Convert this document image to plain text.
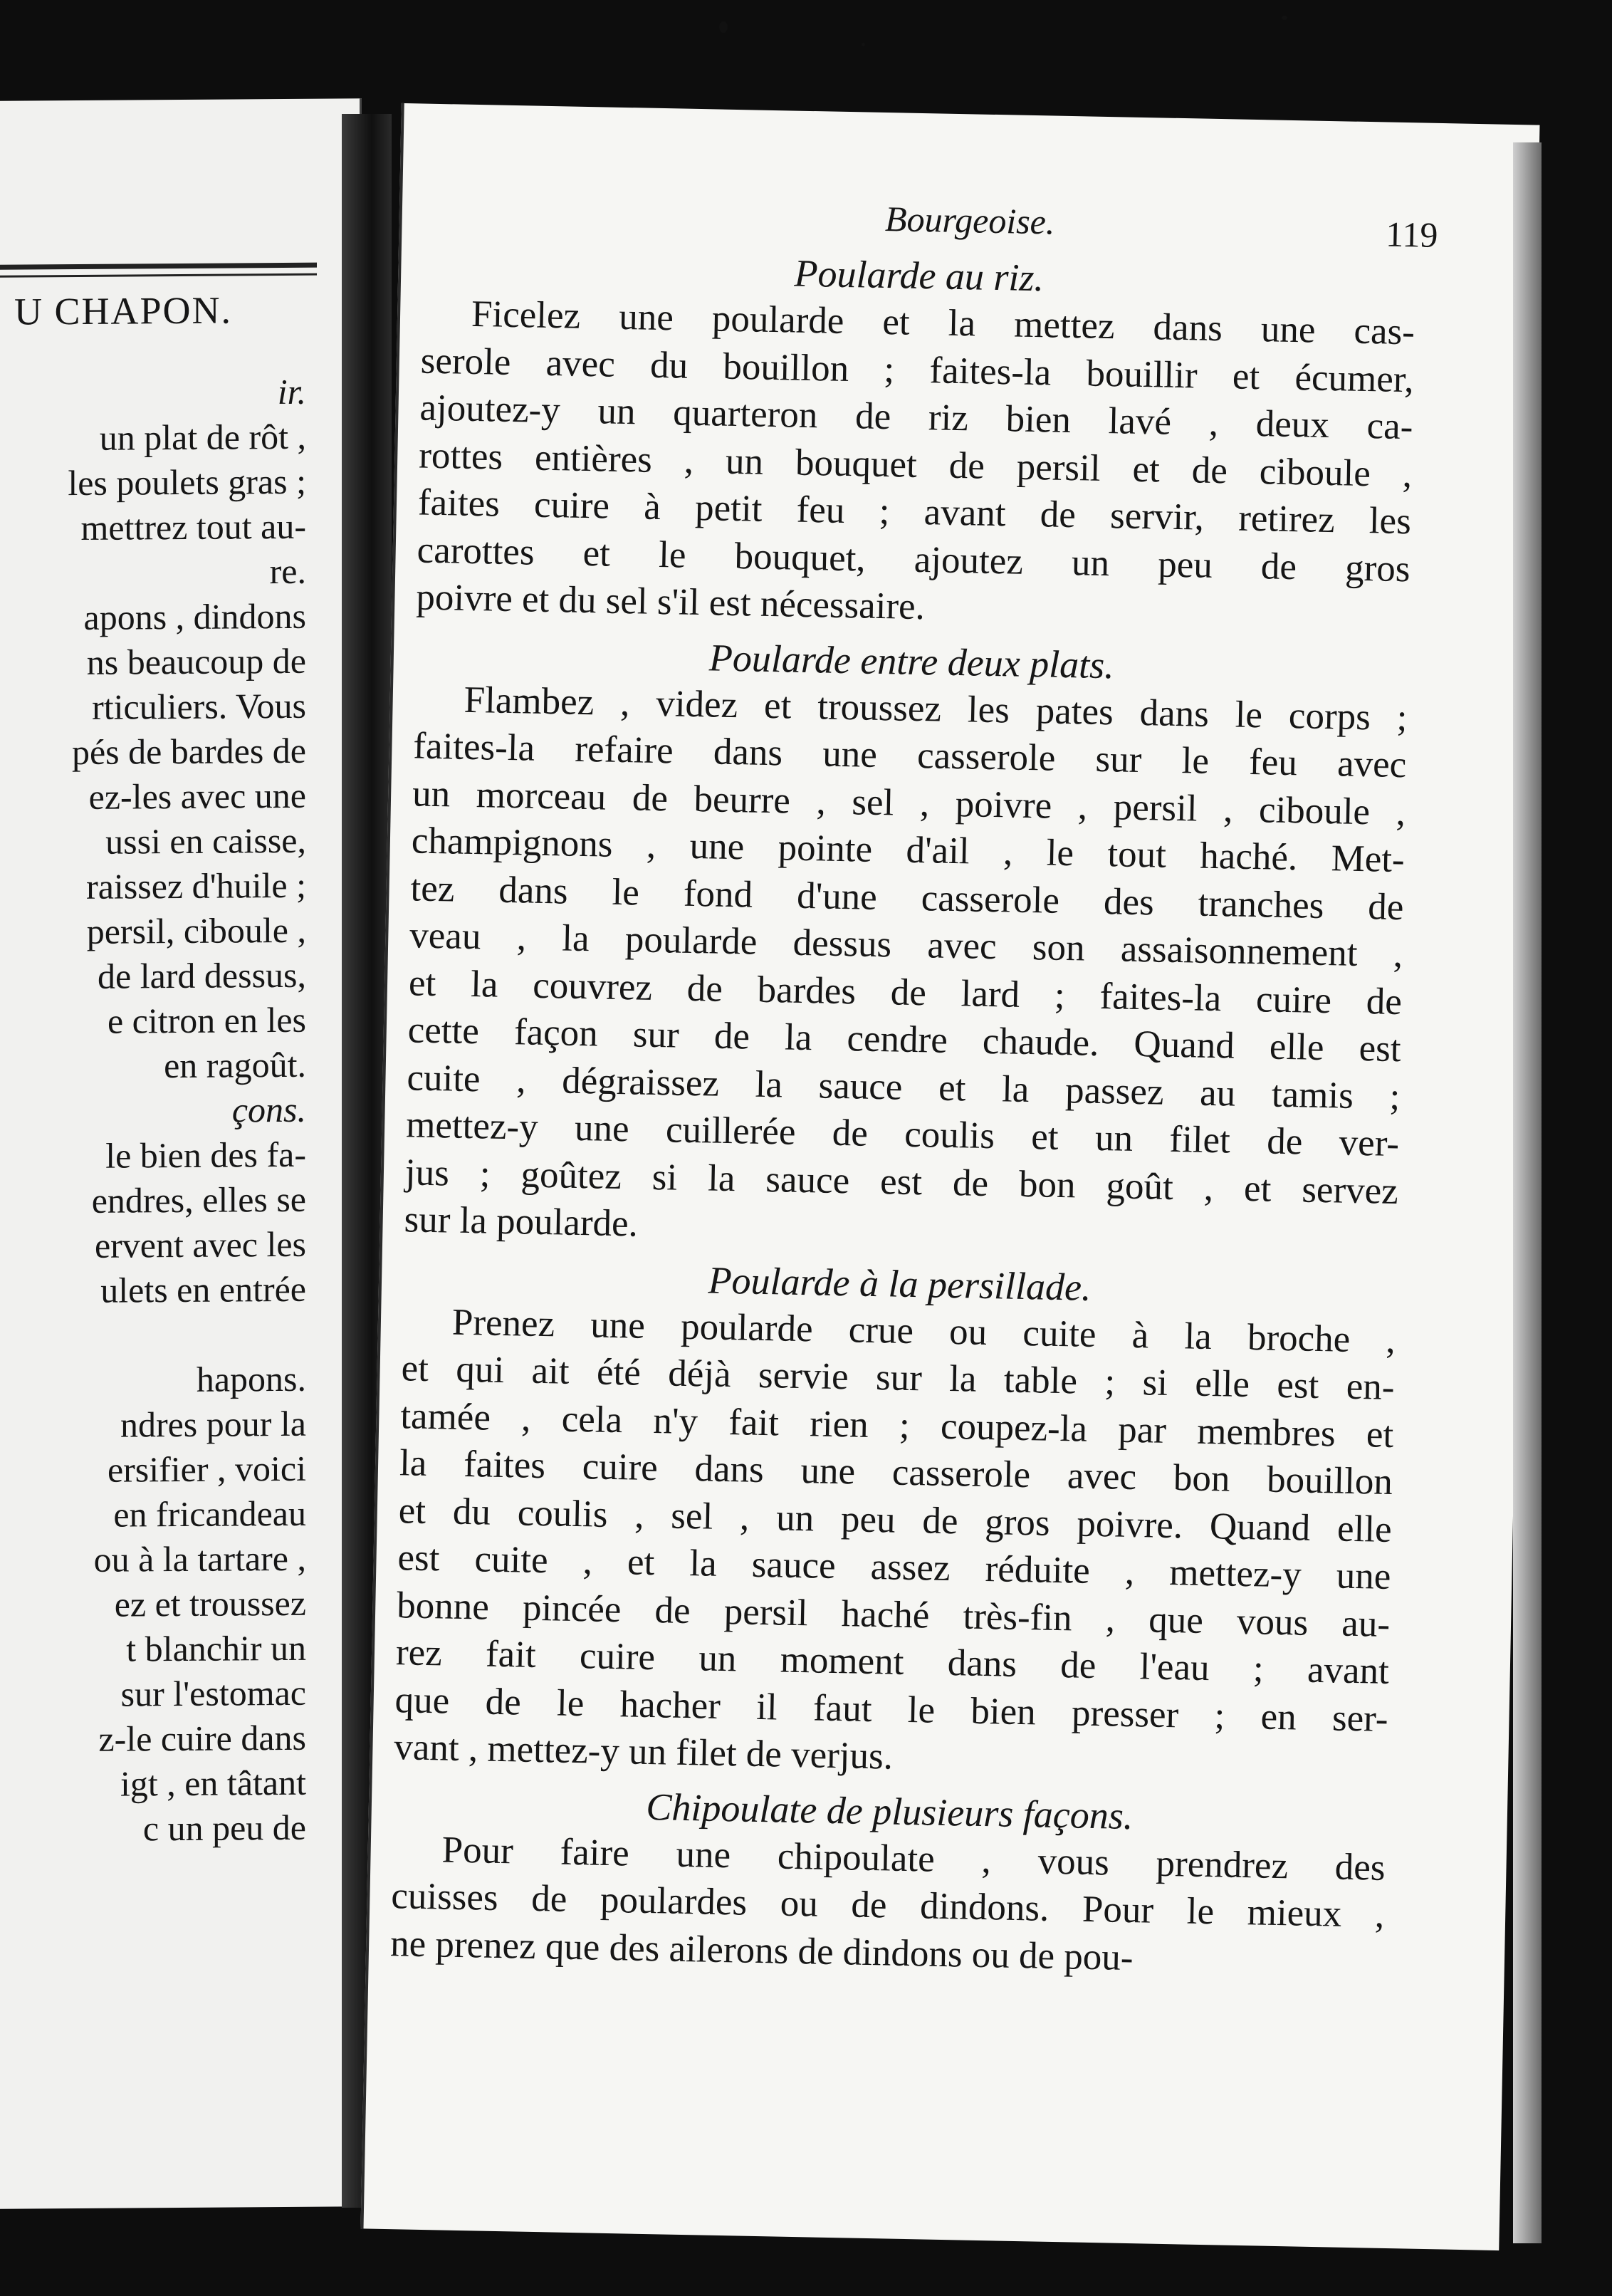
U CHAPON.
ir.
un plat de rôt ,
les poulets gras ;
mettrez tout au-
re.
apons , dindons
ns beaucoup de
rticuliers. Vous
pés de bardes de
ez-les avec une
ussi en caisse,
raissez d'huile ;
persil, ciboule ,
de lard dessus,
e citron en les
en ragoût.
çons.
le bien des fa-
endres, elles se
ervent avec les
ulets en entrée
hapons.
ndres pour la
ersifier , voici
en fricandeau
ou à la tartare ,
ez et troussez
t blanchir un
sur l'estomac
z-le cuire dans
igt , en tâtant
c un peu de
Bourgeoise.	119
Poularde au riz.
Ficelez une poularde et la mettez dans une cas-
serole avec du bouillon ; faites-la bouillir et écumer,
ajoutez-y un quarteron de riz bien lavé , deux ca-
rottes entières , un bouquet de persil et de ciboule ,
faites cuire à petit feu ; avant de servir, retirez les
carottes et le bouquet, ajoutez un peu de gros
poivre et du sel s'il est nécessaire.
Poularde entre deux plats.
Flambez , videz et troussez les pates dans le corps ;
faites-la refaire dans une casserole sur le feu avec
un morceau de beurre , sel , poivre , persil , ciboule ,
champignons , une pointe d'ail , le tout haché. Met-
tez dans le fond d'une casserole des tranches de
veau , la poularde dessus avec son assaisonnement ,
et la couvrez de bardes de lard ; faites-la cuire de
cette façon sur de la cendre chaude. Quand elle est
cuite , dégraissez la sauce et la passez au tamis ;
mettez-y une cuillerée de coulis et un filet de ver-
jus ; goûtez si la sauce est de bon goût , et servez
sur la poularde.
Poularde à la persillade.
Prenez une poularde crue ou cuite à la broche ,
et qui ait été déjà servie sur la table ; si elle est en-
tamée , cela n'y fait rien ; coupez-la par membres et
la faites cuire dans une casserole avec bon bouillon
et du coulis , sel , un peu de gros poivre. Quand elle
est cuite , et la sauce assez réduite , mettez-y une
bonne pincée de persil haché très-fin , que vous au-
rez fait cuire un moment dans de l'eau ; avant
que de le hacher il faut le bien presser ; en ser-
vant , mettez-y un filet de verjus.
Chipoulate de plusieurs façons.
Pour faire une chipoulate , vous prendrez des
cuisses de poulardes ou de dindons. Pour le mieux ,
ne prenez que des ailerons de dindons ou de pou-
